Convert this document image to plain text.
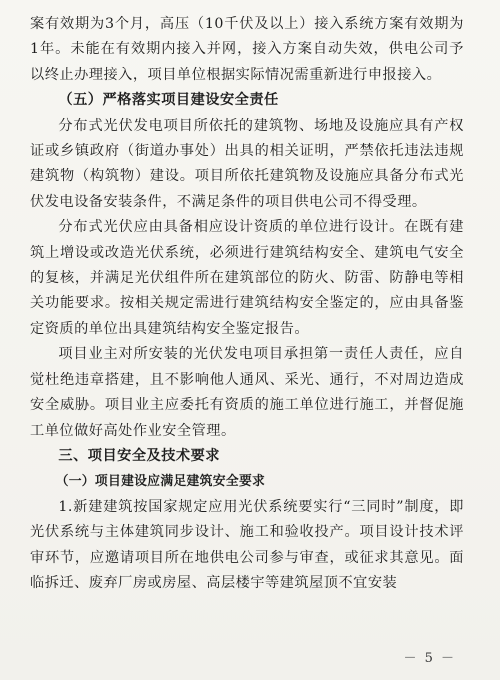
案有效期为3个月，高压（10千伏及以上）接入系统方案有效期为1年。未能在有效期内接入并网，接入方案自动失效，供电公司予以终止办理接入，项目单位根据实际情况需重新进行申报接入。

（五）严格落实项目建设安全责任

分布式光伏发电项目所依托的建筑物、场地及设施应具有产权证或乡镇政府（街道办事处）出具的相关证明，严禁依托违法违规建筑物（构筑物）建设。项目所依托建筑物及设施应具备分布式光伏发电设备安装条件，不满足条件的项目供电公司不得受理。

分布式光伏应由具备相应设计资质的单位进行设计。在既有建筑上增设或改造光伏系统，必须进行建筑结构安全、建筑电气安全的复核，并满足光伏组件所在建筑部位的防火、防雷、防静电等相关功能要求。按相关规定需进行建筑结构安全鉴定的，应由具备鉴定资质的单位出具建筑结构安全鉴定报告。

项目业主对所安装的光伏发电项目承担第一责任人责任，应自觉杜绝违章搭建，且不影响他人通风、采光、通行，不对周边造成安全威胁。项目业主应委托有资质的施工单位进行施工，并督促施工单位做好高处作业安全管理。

三、项目安全及技术要求

（一）项目建设应满足建筑安全要求

1.新建建筑按国家规定应用光伏系统要实行“三同时”制度，即光伏系统与主体建筑同步设计、施工和验收投产。项目设计技术评审环节，应邀请项目所在地供电公司参与审查，或征求其意见。面临拆迁、废弃厂房或房屋、高层楼宇等建筑屋顶不宜安装

－ 5 －
